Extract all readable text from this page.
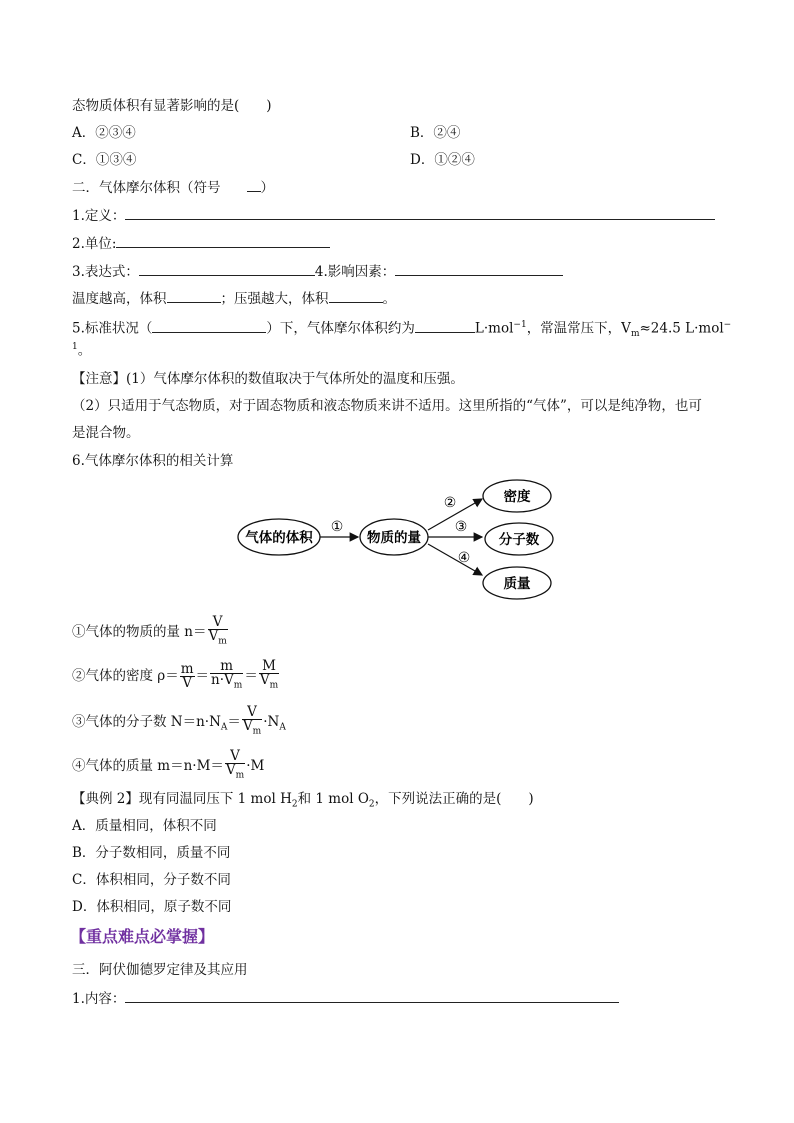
态物质体积有显著影响的是(　　)
A．②③④	B．②④
C．①③④	D．①②④
二．气体摩尔体积（符号	）
1.定义：
2.单位:
3.表达式：	4.影响因素：
温度越高，体积	；压强越大，体积	。
5.标准状况（	）下，气体摩尔体积约为	L·mol$^{-1}$，常温常压下，$V_m\approx 24.5$ L·mol−
$^1$。
【注意】(1）气体摩尔体积的数值取决于气体所处的温度和压强。
（2）只适用于气态物质，对于固态物质和液态物质来讲不适用。这里所指的“气体”，可以是纯净物，也可
是混合物。
6.气体摩尔体积的相关计算
气体的体积
①
物质的量
②
③
④
密度
分子数
质量
①气体的物质的量 $n= \frac{V}{V_m}$
②气体的密度 $\rho= \frac{m}{V} = \frac{m}{n\cdot V_m} = \frac{M}{V_m}$
③气体的分子数 $N=n\cdot N_A= \frac{V}{V_m} \cdot N_A$
④气体的质量 $m=n\cdot M= \frac{V}{V_m} \cdot M$
【典例 2】现有同温同压下 1 mol $H_2$和 1 mol $O_2$，下列说法正确的是(　　)
A．质量相同，体积不同
B．分子数相同，质量不同
C．体积相同，分子数不同
D．体积相同，原子数不同
【重点难点必掌握】
三．阿伏伽德罗定律及其应用
1.内容：
